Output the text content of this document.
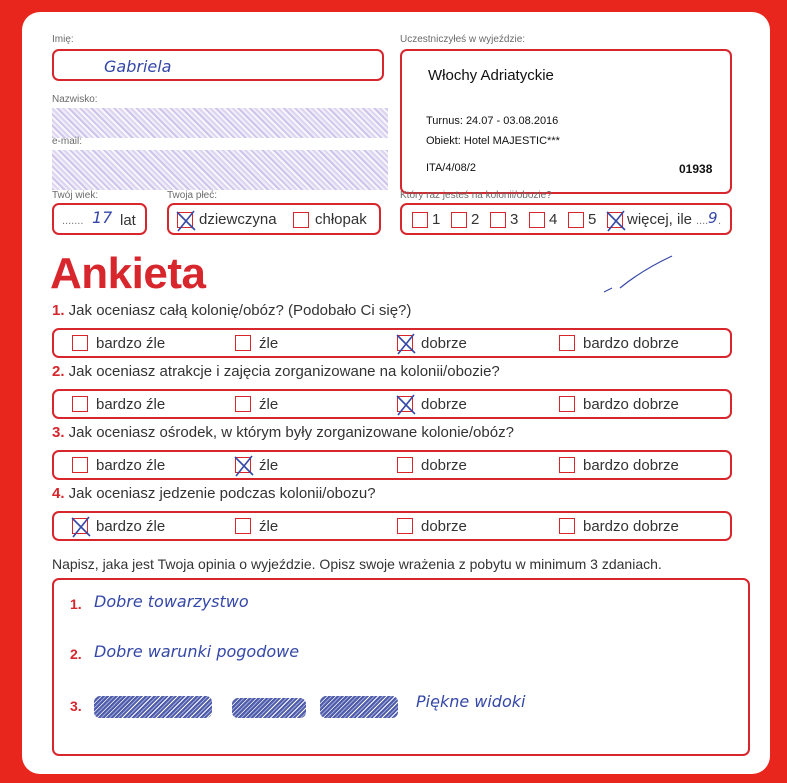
Imię:
Gabriela
Nazwisko:
e-mail:
Twój wiek:
....... 17 lat
Twoja płeć:
dziewczyna	chłopak
Uczestniczyłeś w wyjeździe:
Włochy Adriatyckie
Turnus: 24.07 - 03.08.2016
Obiekt: Hotel MAJESTIC***
ITA/4/08/2	01938
Który raz jesteś na kolonii/obozie?
1 2 3 4 5 więcej, ile .... 9 .
Ankieta
1. Jak oceniasz całą kolonię/obóz? (Podobało Ci się?)
bardzo źle	źle	dobrze	bardzo dobrze
2. Jak oceniasz atrakcje i zajęcia zorganizowane na kolonii/obozie?
bardzo źle	źle	dobrze	bardzo dobrze
3. Jak oceniasz ośrodek, w którym były zorganizowane kolonie/obóz?
bardzo źle	źle	dobrze	bardzo dobrze
4. Jak oceniasz jedzenie podczas kolonii/obozu?
bardzo źle	źle	dobrze	bardzo dobrze
Napisz, jaka jest Twoja opinia o wyjeździe. Opisz swoje wrażenia z pobytu w minimum 3 zdaniach.
1. Dobre towarzystwo
2. Dobre warunki pogodowe
3.	Piękne widoki
